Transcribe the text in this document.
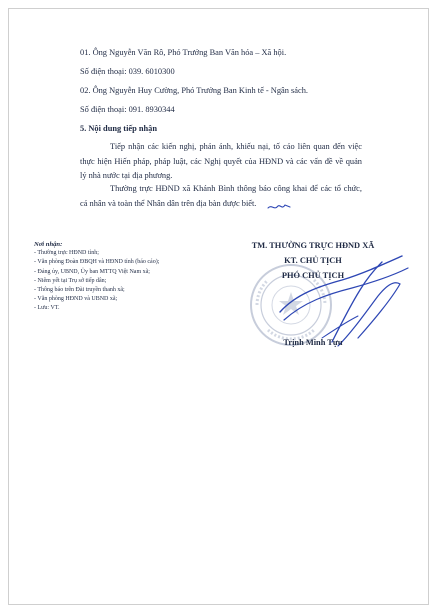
01. Ông Nguyễn Văn Rô, Phó Trưởng Ban Văn hóa – Xã hội.
Số điện thoại: 039. 6010300
02. Ông Nguyễn Huy Cường, Phó Trưởng Ban Kinh tế - Ngân sách.
Số điện thoại: 091. 8930344
5. Nội dung tiếp nhận
Tiếp nhận các kiến nghị, phản ánh, khiếu nại, tố cáo liên quan đến việc thực hiện Hiến pháp, pháp luật, các Nghị quyết của HĐND và các vấn đề về quản lý nhà nước tại địa phương.
Thường trực HĐND xã Khánh Bình thông báo công khai để các tổ chức, cá nhân và toàn thể Nhân dân trên địa bàn được biết.
Nơi nhận:
- Thường trực HĐND tỉnh;
- Văn phòng Đoàn ĐBQH và HĐND tỉnh (báo cáo);
- Đảng ủy, UBND, Ủy ban MTTQ Việt Nam xã;
- Niêm yết tại Trụ sở tiếp dân;
- Thông báo trên Đài truyền thanh xã;
- Văn phòng HĐND và UBND xã;
- Lưu: VT.
TM. THƯỜNG TRỰC HĐND XÃ
KT. CHỦ TỊCH
PHÓ CHỦ TỊCH
Trịnh Minh Tựu
